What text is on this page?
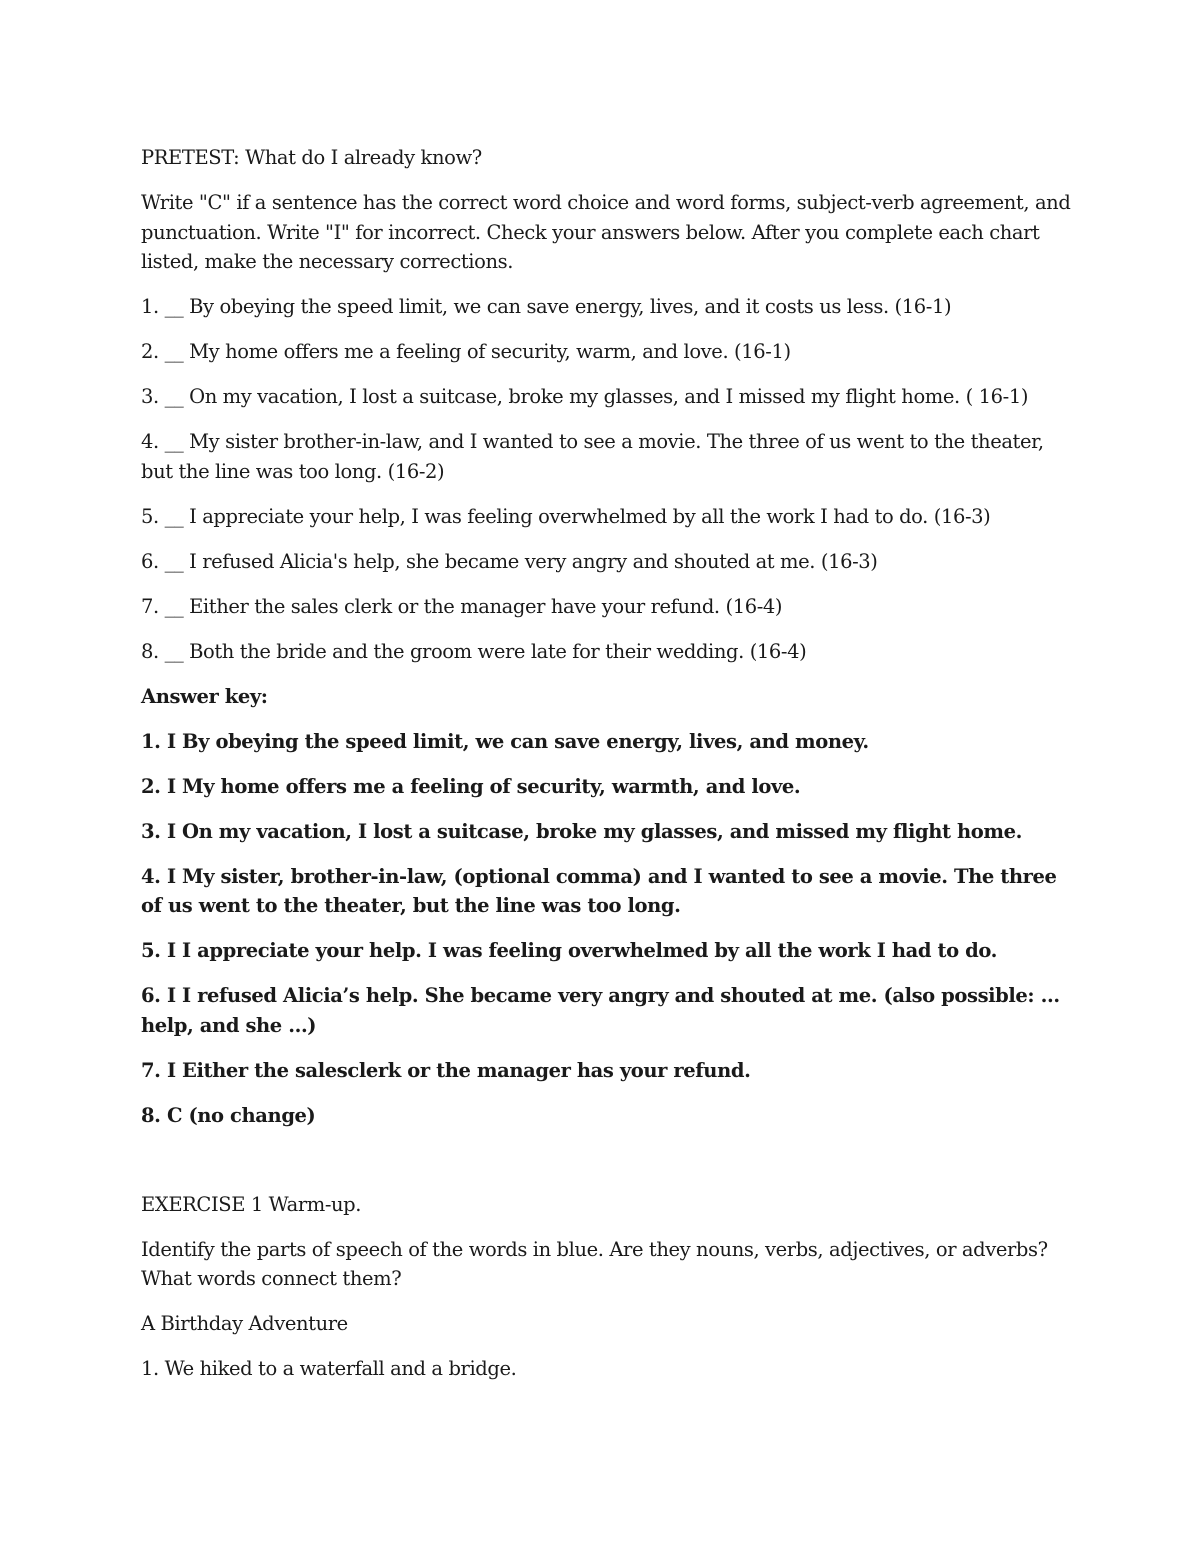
PRETEST: What do I already know?

Write "C" if a sentence has the correct word choice and word forms, subject-verb agreement, and punctuation. Write "I" for incorrect. Check your answers below. After you complete each chart listed, make the necessary corrections.

1. __ By obeying the speed limit, we can save energy, lives, and it costs us less. (16-1)

2. __ My home offers me a feeling of security, warm, and love. (16-1)

3. __ On my vacation, I lost a suitcase, broke my glasses, and I missed my flight home. ( 16-1)

4. __ My sister brother-in-law, and I wanted to see a movie. The three of us went to the theater, but the line was too long. (16-2)

5. __ I appreciate your help, I was feeling overwhelmed by all the work I had to do. (16-3)

6. __ I refused Alicia's help, she became very angry and shouted at me. (16-3)

7. __ Either the sales clerk or the manager have your refund. (16-4)

8. __ Both the bride and the groom were late for their wedding. (16-4)

Answer key:

1. I By obeying the speed limit, we can save energy, lives, and money.

2. I My home offers me a feeling of security, warmth, and love.

3. I On my vacation, I lost a suitcase, broke my glasses, and missed my flight home.

4. I My sister, brother-in-law, (optional comma) and I wanted to see a movie. The three of us went to the theater, but the line was too long.

5. I I appreciate your help. I was feeling overwhelmed by all the work I had to do.

6. I I refused Alicia’s help. She became very angry and shouted at me. (also possible: … help, and she …)

7. I Either the salesclerk or the manager has your refund.

8. C (no change)

EXERCISE 1 Warm-up.

Identify the parts of speech of the words in blue. Are they nouns, verbs, adjectives, or adverbs? What words connect them?

A Birthday Adventure

1. We hiked to a waterfall and a bridge.
